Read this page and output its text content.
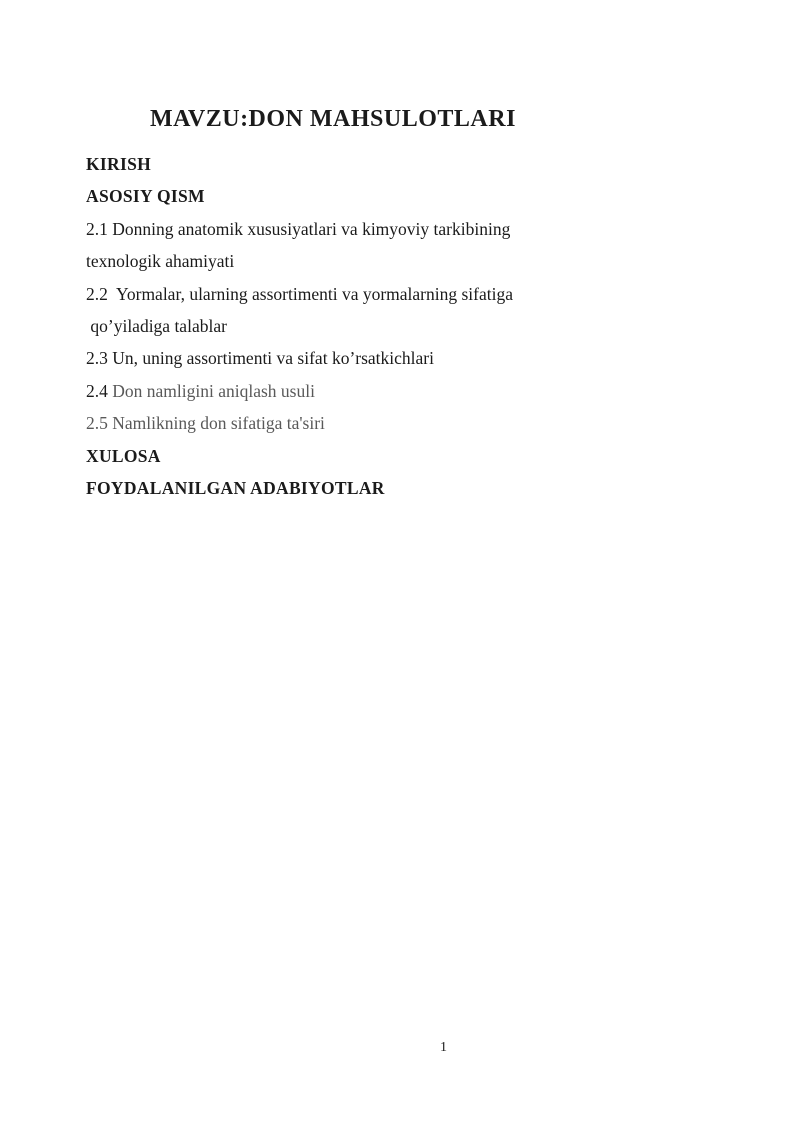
MAVZU:DON MAHSULOTLARI

KIRISH

ASOSIY QISM

2.1 Donning anatomik xususiyatlari va kimyoviy tarkibining

texnologik ahamiyati

2.2  Yormalar, ularning assortimenti va yormalarning sifatiga

qo’yiladiga talablar

2.3 Un, uning assortimenti va sifat ko’rsatkichlari

2.4 Don namligini aniqlash usuli

2.5 Namlikning don sifatiga ta'siri

XULOSA

FOYDALANILGAN ADABIYOTLAR

1
